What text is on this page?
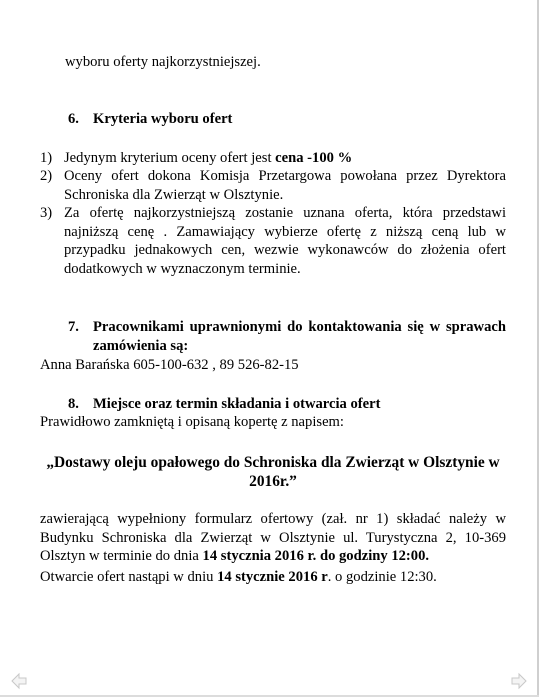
wyboru oferty najkorzystniejszej.
6. Kryteria wyboru ofert
1) Jedynym kryterium oceny ofert jest cena -100 %
2) Oceny ofert dokona Komisja Przetargowa powołana przez Dyrektora Schroniska dla Zwierząt w Olsztynie.
3) Za ofertę najkorzystniejszą zostanie uznana oferta, która przedstawi najniższą cenę . Zamawiający wybierze ofertę z niższą ceną lub w przypadku jednakowych cen, wezwie wykonawców do złożenia ofert dodatkowych w wyznaczonym terminie.
7. Pracownikami uprawnionymi do kontaktowania się w sprawach zamówienia są:
Anna Barańska 605-100-632 , 89 526-82-15
8. Miejsce oraz termin składania i otwarcia ofert
Prawidłowo zamkniętą i opisaną kopertę z napisem:
„Dostawy oleju opałowego do Schroniska dla Zwierząt w Olsztynie w 2016r.”
zawierającą wypełniony formularz ofertowy (zał. nr 1) składać należy w Budynku Schroniska dla Zwierząt w Olsztynie ul. Turystyczna 2, 10-369 Olsztyn w terminie do dnia 14 stycznia 2016 r. do godziny 12:00.
Otwarcie ofert nastąpi w dniu 14 stycznie 2016 r. o godzinie 12:30.
